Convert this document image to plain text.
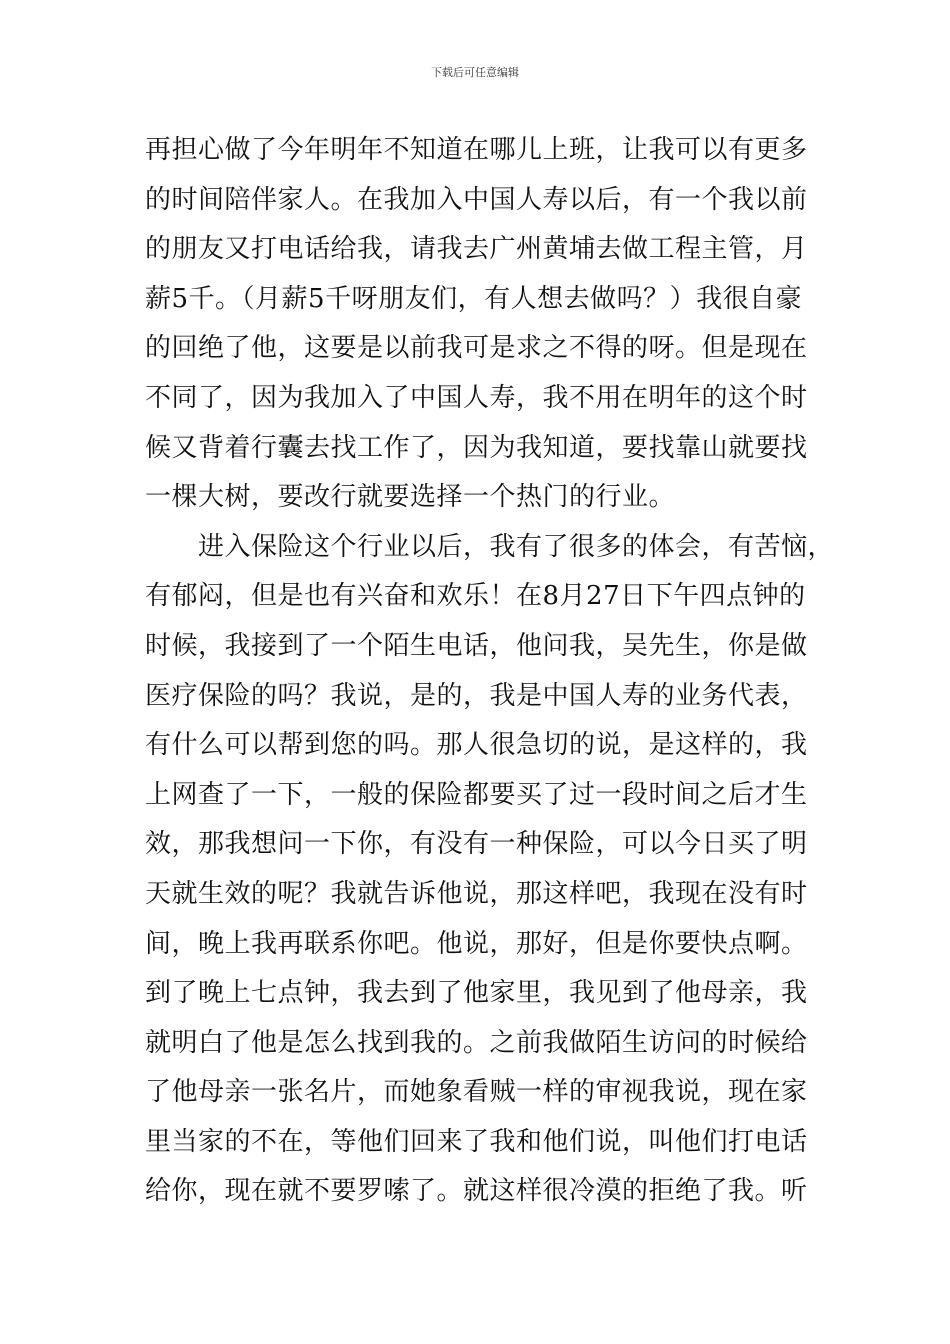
下载后可任意编辑
再担心做了今年明年不知道在哪儿上班，让我可以有更多
的时间陪伴家人。在我加入中国人寿以后，有一个我以前
的朋友又打电话给我，请我去广州黄埔去做工程主管，月
薪5千。（月薪5千呀朋友们，有人想去做吗？）我很自豪
的回绝了他，这要是以前我可是求之不得的呀。但是现在
不同了，因为我加入了中国人寿，我不用在明年的这个时
候又背着行囊去找工作了，因为我知道，要找靠山就要找
一棵大树，要改行就要选择一个热门的行业。
　　进入保险这个行业以后，我有了很多的体会，有苦恼，
有郁闷，但是也有兴奋和欢乐！在8月27日下午四点钟的
时候，我接到了一个陌生电话，他问我，吴先生，你是做
医疗保险的吗？我说，是的，我是中国人寿的业务代表，
有什么可以帮到您的吗。那人很急切的说，是这样的，我
上网查了一下，一般的保险都要买了过一段时间之后才生
效，那我想问一下你，有没有一种保险，可以今日买了明
天就生效的呢？我就告诉他说，那这样吧，我现在没有时
间，晚上我再联系你吧。他说，那好，但是你要快点啊。
到了晚上七点钟，我去到了他家里，我见到了他母亲，我
就明白了他是怎么找到我的。之前我做陌生访问的时候给
了他母亲一张名片，而她象看贼一样的审视我说，现在家
里当家的不在，等他们回来了我和他们说，叫他们打电话
给你，现在就不要罗嗦了。就这样很冷漠的拒绝了我。听
